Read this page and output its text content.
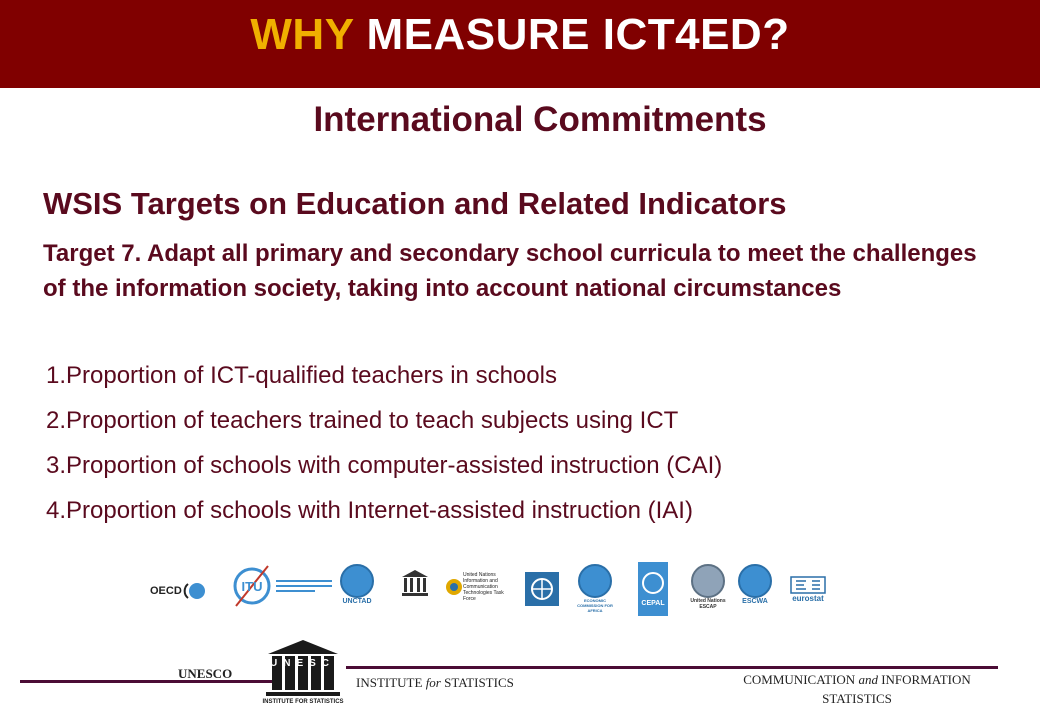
WHY MEASURE ICT4ED?
International Commitments
WSIS Targets on Education and Related Indicators
Target 7. Adapt all primary and secondary school curricula to meet the challenges of the information society, taking into account national circumstances
1.Proportion of ICT-qualified teachers in schools
2.Proportion of teachers trained to teach subjects using ICT
3.Proportion of schools with computer-assisted instruction (CAI)
4.Proportion of schools with Internet-assisted instruction (IAI)
OECD	ITU
UNCTAD
United Nations Information and Communication Technologies Task Force	ECONOMIC COMMISSION FOR AFRICA
CEPAL	United Nations ESCAP
ESCWA	eurostat
UNESCO
UNESCO
INSTITUTE FOR STATISTICS
INSTITUTE for STATISTICS	COMMUNICATION and INFORMATION
STATISTICS
